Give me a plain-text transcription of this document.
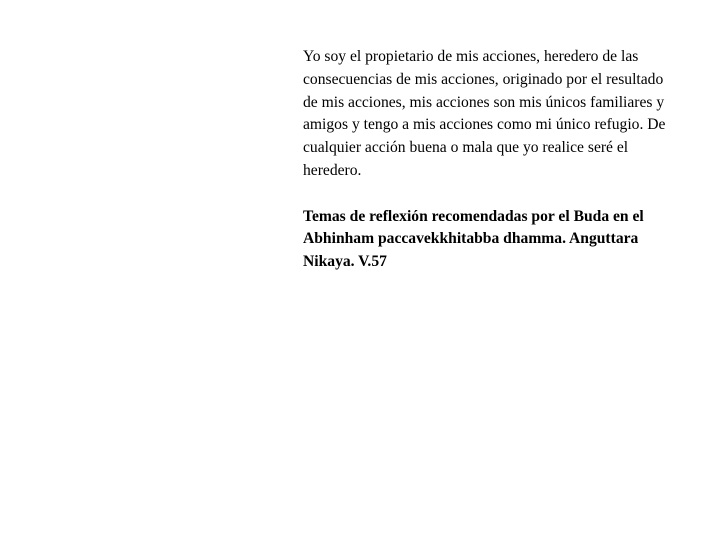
Yo soy el propietario de mis acciones, heredero de las
consecuencias de mis acciones, originado por el resultado
de mis acciones, mis acciones son mis únicos familiares y
amigos y tengo a mis acciones como mi único refugio. De
cualquier acción buena o mala que yo realice seré el
heredero.

Temas de reflexión recomendadas por el Buda en el
Abhinham paccavekkhitabba dhamma. Anguttara
Nikaya. V.57
